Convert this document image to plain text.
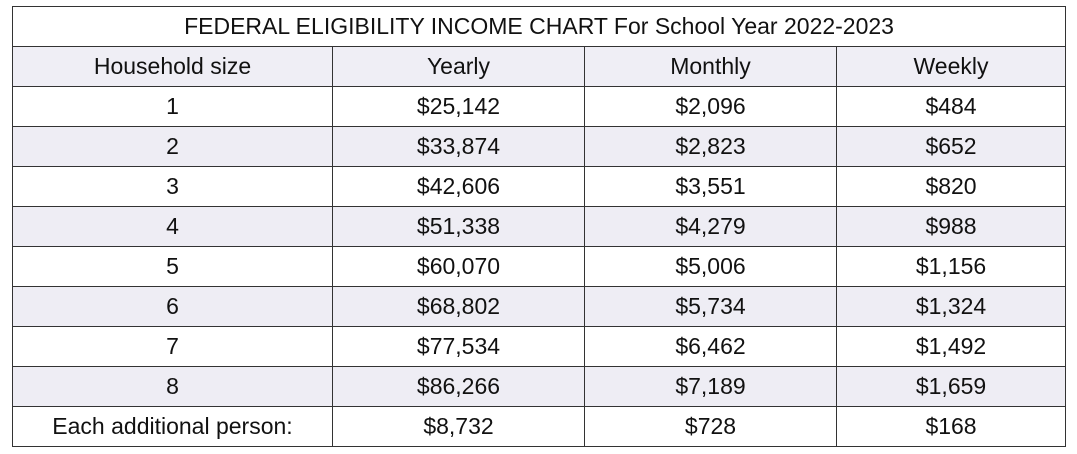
FEDERAL ELIGIBILITY INCOME CHART For School Year 2022-2023			
Household size	Yearly	Monthly	Weekly
1	$25,142	$2,096	$484
2	$33,874	$2,823	$652
3	$42,606	$3,551	$820
4	$51,338	$4,279	$988
5	$60,070	$5,006	$1,156
6	$68,802	$5,734	$1,324
7	$77,534	$6,462	$1,492
8	$86,266	$7,189	$1,659
Each additional person:	$8,732	$728	$168
